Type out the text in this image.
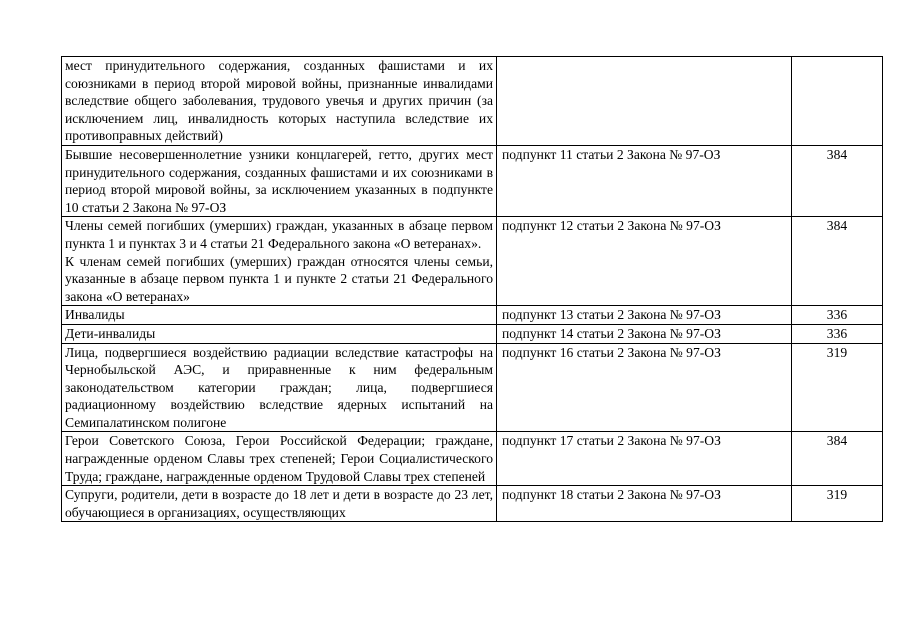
мест принудительного содержания, созданных фашистами и их союзниками в период второй мировой войны, признанные инвалидами вследствие общего заболевания, трудового увечья и других причин (за исключением лиц, инвалидность которых наступила вследствие их противоправных действий)		
Бывшие несовершеннолетние узники концлагерей, гетто, других мест принудительного содержания, созданных фашистами и их союзниками в период второй мировой войны, за исключением указанных в подпункте 10 статьи 2 Закона № 97-ОЗ	подпункт 11 статьи 2 Закона № 97-ОЗ	384

Члены семей погибших (умерших) граждан, указанных в абзаце первом пункта 1 и пунктах 3 и 4 статьи 21 Федерального закона «О ветеранах».
К членам семей погибших (умерших) граждан относятся члены семьи, указанные в абзаце первом пункта 1 и пункте 2 статьи 21 Федерального закона «О ветеранах»	подпункт 12 статьи 2 Закона № 97-ОЗ	384
Инвалиды	подпункт 13 статьи 2 Закона № 97-ОЗ	336
Дети-инвалиды	подпункт 14 статьи 2 Закона № 97-ОЗ	336
Лица, подвергшиеся воздействию радиации вследствие катастрофы на Чернобыльской АЭС, и приравненные к ним федеральным законодательством категории граждан; лица, подвергшиеся радиационному воздействию вследствие ядерных испытаний на Семипалатинском полигоне	подпункт 16 статьи 2 Закона № 97-ОЗ	319
Герои Советского Союза, Герои Российской Федерации; граждане, награжденные орденом Славы трех степеней; Герои Социалистического Труда; граждане, награжденные орденом Трудовой Славы трех степеней	подпункт 17 статьи 2 Закона № 97-ОЗ	384
Супруги, родители, дети в возрасте до 18 лет и дети в возрасте до 23 лет, обучающиеся в организациях, осуществляющих	подпункт 18 статьи 2 Закона № 97-ОЗ	319
